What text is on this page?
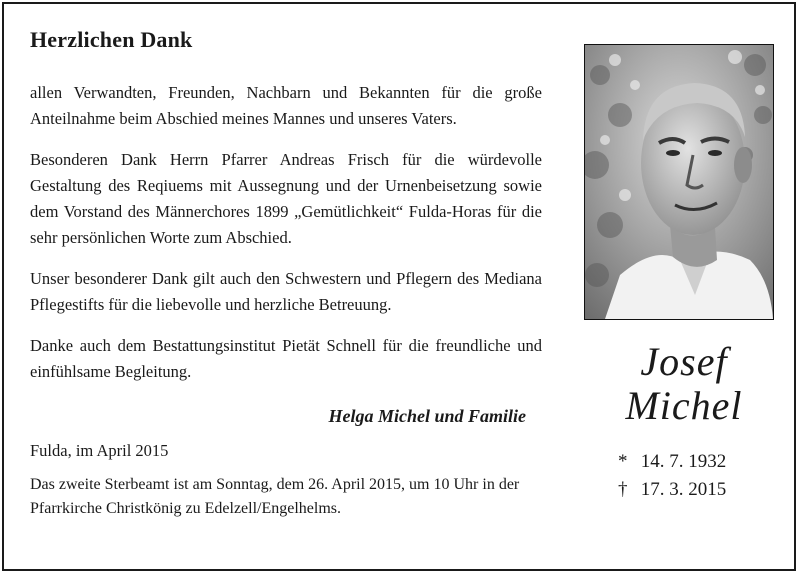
Herzlichen Dank

allen Verwandten, Freunden, Nachbarn und Bekannten für die große Anteilnahme beim Abschied meines Mannes und unseres Vaters.

Besonderen Dank Herrn Pfarrer Andreas Frisch für die würdevolle Gestaltung des Reqiuems mit Aussegnung und der Urnenbeisetzung sowie dem Vorstand des Männerchores 1899 „Gemütlichkeit“ Fulda-Horas für die sehr persönlichen Worte zum Abschied.

Unser besonderer Dank gilt auch den Schwestern und Pflegern des Mediana Pflegestifts für die liebevolle und herzliche Betreuung.

Danke auch dem Bestattungsinstitut Pietät Schnell für die freundliche und einfühlsame Begleitung.

Helga Michel und Familie
Fulda, im April 2015

Das zweite Sterbeamt ist am Sonntag, dem 26. April 2015, um 10 Uhr in der Pfarrkirche Christkönig zu Edelzell/Engelhelms.

Josef
Michel
* 14. 7. 1932
† 17. 3. 2015
